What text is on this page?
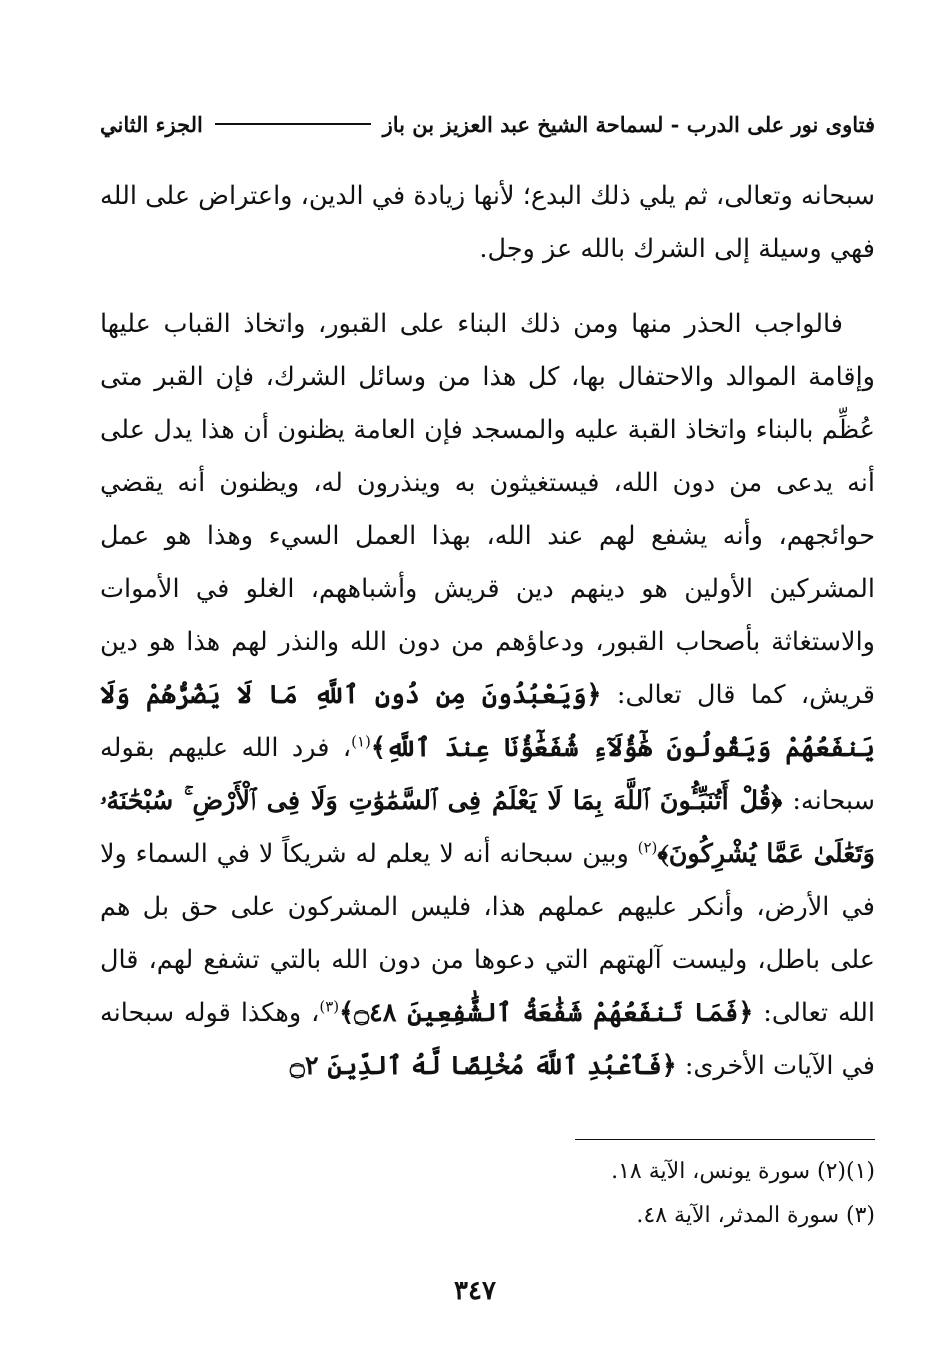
فتاوى نور على الدرب - لسماحة الشيخ عبد العزيز بن باز
الجزء الثاني

سبحانه وتعالى، ثم يلي ذلك البدع؛ لأنها زيادة في الدين، واعتراض على الله فهي وسيلة إلى الشرك بالله عز وجل.

فالواجب الحذر منها ومن ذلك البناء على القبور، واتخاذ القباب عليها وإقامة الموالد والاحتفال بها، كل هذا من وسائل الشرك، فإن القبر متى عُظِّم بالبناء واتخاذ القبة عليه والمسجد فإن العامة يظنون أن هذا يدل على أنه يدعى من دون الله، فيستغيثون به وينذرون له، ويظنون أنه يقضي حوائجهم، وأنه يشفع لهم عند الله، بهذا العمل السيء وهذا هو عمل المشركين الأولين هو دينهم دين قريش وأشباههم، الغلو في الأموات والاستغاثة بأصحاب القبور، ودعاؤهم من دون الله والنذر لهم هذا هو دين قريش، كما قال تعالى: ﴿وَيَعْبُدُونَ مِن دُونِ ٱللَّهِ مَا لَا يَضُرُّهُمْ وَلَا يَنفَعُهُمْ وَيَقُولُونَ هَٰٓؤُلَآءِ شُفَعَٰٓؤُنَا عِندَ ٱللَّهِ﴾$^{(١)}$، فرد الله عليهم بقوله سبحانه: ﴿قُلْ أَتُنَبِّـُٔونَ ٱللَّهَ بِمَا لَا يَعْلَمُ فِى ٱلسَّمَٰوَٰتِ وَلَا فِى ٱلْأَرْضِ ۚ سُبْحَٰنَهُۥ وَتَعَٰلَىٰ عَمَّا يُشْرِكُونَ﴾$^{(٢)}$ وبين سبحانه أنه لا يعلم له شريكاً لا في السماء ولا في الأرض، وأنكر عليهم عملهم هذا، فليس المشركون على حق بل هم على باطل، وليست آلهتهم التي دعوها من دون الله بالتي تشفع لهم، قال الله تعالى: ﴿فَمَا تَنفَعُهُمْ شَفَٰعَةُ ٱلشَّٰفِعِينَ ۝٤٨﴾$^{(٣)}$، وهكذا قوله سبحانه في الآيات الأخرى: ﴿فَٱعْبُدِ ٱللَّهَ مُخْلِصًا لَّهُ ٱلدِّينَ ۝٢

(١)(٢) سورة يونس، الآية ١٨.
(٣) سورة المدثر، الآية ٤٨.
٣٤٧
